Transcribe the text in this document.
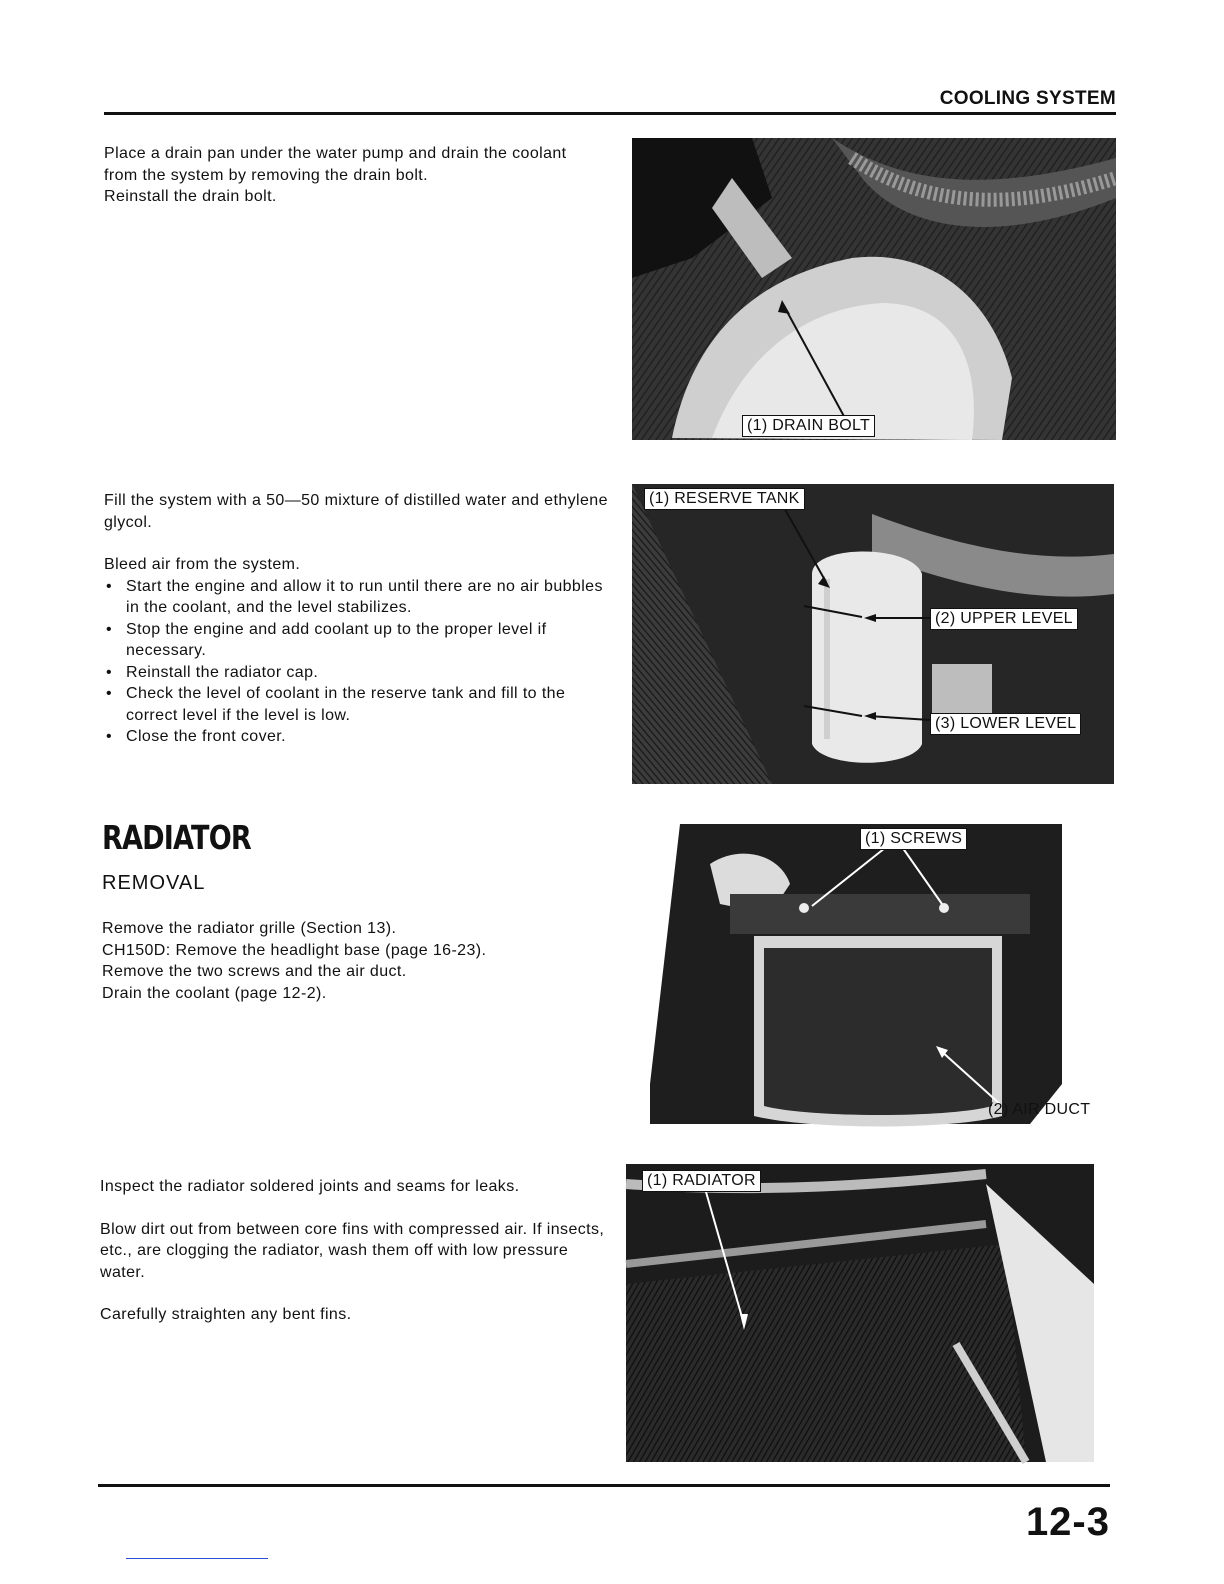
COOLING SYSTEM

Place a drain pan under the water pump and drain the coolant

from the system by removing the drain bolt.

Reinstall the drain bolt.

(1) DRAIN BOLT

Fill the system with a 50—50 mixture of distilled water and ethylene glycol.

Bleed air from the system.

• Start the engine and allow it to run until there are no air bubbles in the coolant, and the level stabilizes.
• Stop the engine and add coolant up to the proper level if necessary.
• Reinstall the radiator cap.
• Check the level of coolant in the reserve tank and fill to the correct level if the level is low.
• Close the front cover.
(1) RESERVE TANK
(2) UPPER LEVEL
(3) LOWER LEVEL
RADIATOR
REMOVAL

Remove the radiator grille (Section 13).

CH150D: Remove the headlight base (page 16-23).

Remove the two screws and the air duct.

Drain the coolant (page 12-2).

(1) SCREWS
(2) AIR DUCT

Inspect the radiator soldered joints and seams for leaks.

Blow dirt out from between core fins with compressed air. If insects, etc., are clogging the radiator, wash them off with low pressure water.

Carefully straighten any bent fins.

(1) RADIATOR
12-3
